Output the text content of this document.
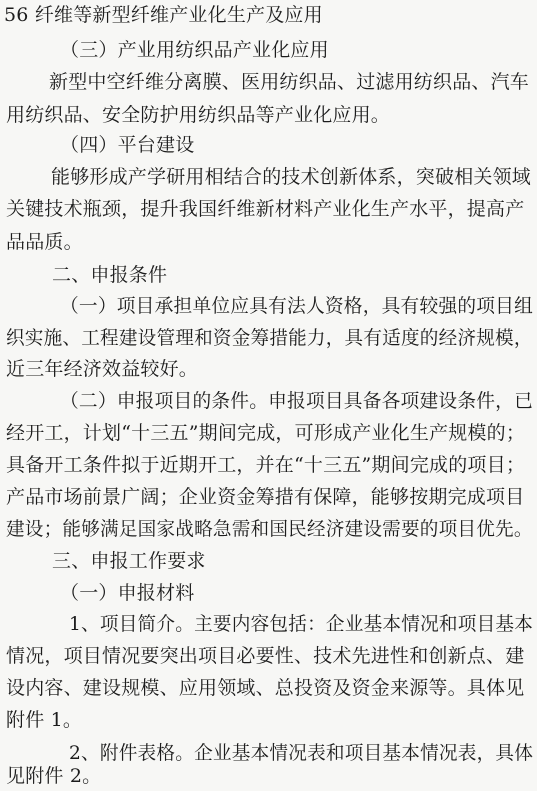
56 纤维等新型纤维产业化生产及应用
（三）产业用纺织品产业化应用
新型中空纤维分离膜、医用纺织品、过滤用纺织品、汽车
用纺织品、安全防护用纺织品等产业化应用。
（四）平台建设
能够形成产学研用相结合的技术创新体系，突破相关领域
关键技术瓶颈，提升我国纤维新材料产业化生产水平，提高产
品品质。
二、申报条件
（一）项目承担单位应具有法人资格，具有较强的项目组
织实施、工程建设管理和资金筹措能力，具有适度的经济规模，
近三年经济效益较好。
（二）申报项目的条件。申报项目具备各项建设条件，已
经开工，计划“十三五”期间完成，可形成产业化生产规模的；
具备开工条件拟于近期开工，并在“十三五”期间完成的项目；
产品市场前景广阔；企业资金筹措有保障，能够按期完成项目
建设；能够满足国家战略急需和国民经济建设需要的项目优先。
三、申报工作要求
（一）申报材料
1、项目简介。主要内容包括：企业基本情况和项目基本
情况，项目情况要突出项目必要性、技术先进性和创新点、建
设内容、建设规模、应用领域、总投资及资金来源等。具体见
附件 1。
2、附件表格。企业基本情况表和项目基本情况表，具体
见附件 2。
